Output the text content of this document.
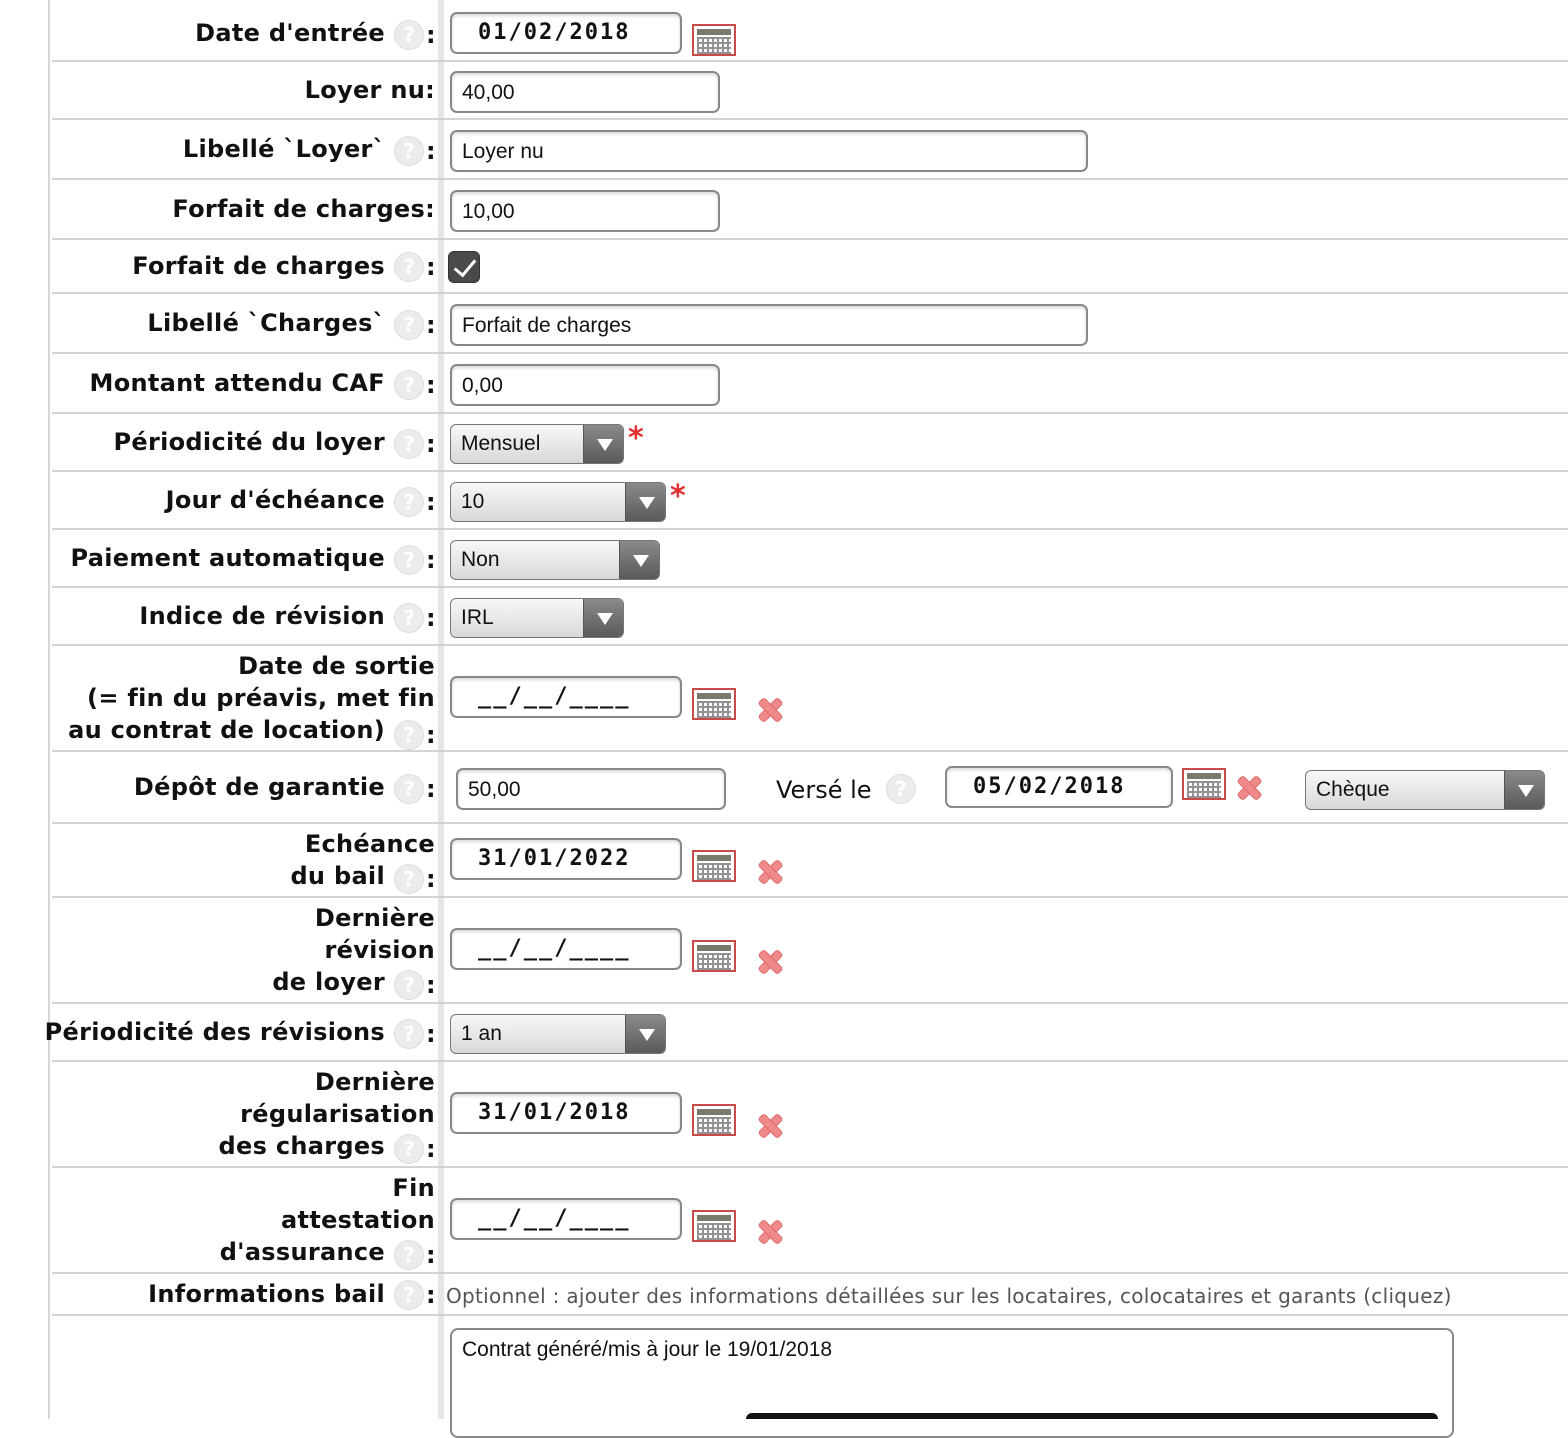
Date d'entrée ? :	01/02/2018
Loyer nu:	40,00
Libellé `Loyer` ? :	Loyer nu
Forfait de charges:	10,00
Forfait de charges ? :
Libellé `Charges` ? :	Forfait de charges
Montant attendu CAF ? :	0,00
Périodicité du loyer ? :	Mensuel	*
Jour d'échéance ? :	10	*
Paiement automatique ? :	Non
Indice de révision ? :	IRL
Date de sortie
(= fin du préavis, met fin
au contrat de location) ? :
__/__/____
Dépôt de garantie ? :	50,00	Versé le	?	05/02/2018	Chèque
Echéance
du bail ? :
31/01/2022
Dernière
révision
de loyer ? :
__/__/____
Périodicité des révisions ? :	1 an
Dernière
régularisation
des charges ? :
31/01/2018
Fin
attestation
d'assurance ? :
__/__/____
Informations bail ? : Optionnel : ajouter des informations détaillées sur les locataires, colocataires et garants (cliquez)
Contrat généré/mis à jour le 19/01/2018
